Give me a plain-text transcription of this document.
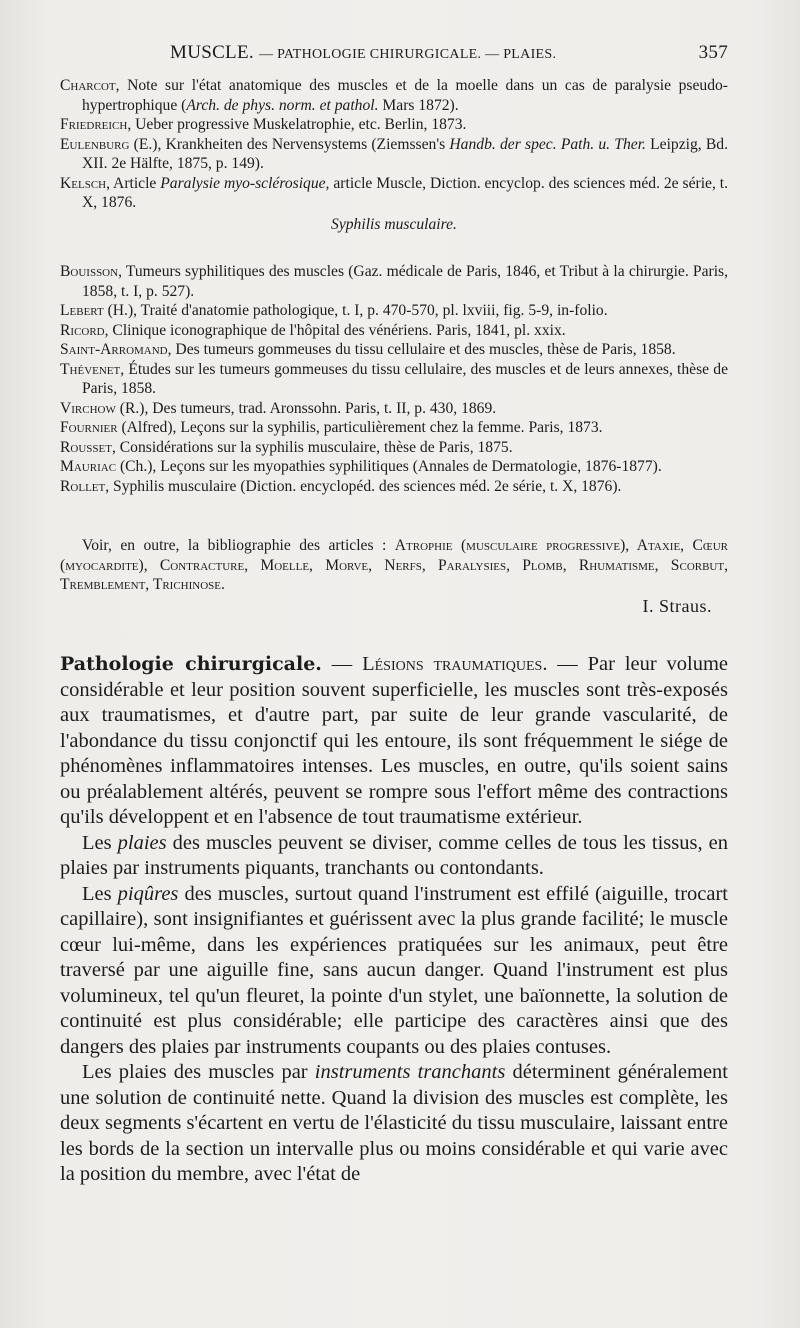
MUSCLE. — PATHOLOGIE CHIRURGICALE. — PLAIES.	357
Charcot, Note sur l'état anatomique des muscles et de la moelle dans un cas de paralysie pseudo-hypertrophique (Arch. de phys. norm. et pathol. Mars 1872).
Friedreich, Ueber progressive Muskelatrophie, etc. Berlin, 1873.
Eulenburg (E.), Krankheiten des Nervensystems (Ziemssen's Handb. der spec. Path. u. Ther. Leipzig, Bd. XII. 2e Hälfte, 1875, p. 149).
Kelsch, Article Paralysie myo-sclérosique, article Muscle, Diction. encyclop. des sciences méd. 2e série, t. X, 1876.
Syphilis musculaire.
Bouisson, Tumeurs syphilitiques des muscles (Gaz. médicale de Paris, 1846, et Tribut à la chirurgie. Paris, 1858, t. I, p. 527).
Lebert (H.), Traité d'anatomie pathologique, t. I, p. 470-570, pl. lxviii, fig. 5-9, in-folio.
Ricord, Clinique iconographique de l'hôpital des vénériens. Paris, 1841, pl. xxix.
Saint-Arromand, Des tumeurs gommeuses du tissu cellulaire et des muscles, thèse de Paris, 1858.
Thévenet, Études sur les tumeurs gommeuses du tissu cellulaire, des muscles et de leurs annexes, thèse de Paris, 1858.
Virchow (R.), Des tumeurs, trad. Aronssohn. Paris, t. II, p. 430, 1869.
Fournier (Alfred), Leçons sur la syphilis, particulièrement chez la femme. Paris, 1873.
Rousset, Considérations sur la syphilis musculaire, thèse de Paris, 1875.
Mauriac (Ch.), Leçons sur les myopathies syphilitiques (Annales de Dermatologie, 1876-1877).
Rollet, Syphilis musculaire (Diction. encyclopéd. des sciences méd. 2e série, t. X, 1876).
Voir, en outre, la bibliographie des articles : Atrophie (musculaire progressive), Ataxie, Cœur (myocardite), Contracture, Moelle, Morve, Nerfs, Paralysies, Plomb, Rhumatisme, Scorbut, Tremblement, Trichinose.
I. Straus.

Pathologie chirurgicale. — Lésions traumatiques. — Par leur volume considérable et leur position souvent superficielle, les muscles sont très-exposés aux traumatismes, et d'autre part, par suite de leur grande vascularité, de l'abondance du tissu conjonctif qui les entoure, ils sont fréquemment le siége de phénomènes inflammatoires intenses. Les muscles, en outre, qu'ils soient sains ou préalablement altérés, peuvent se rompre sous l'effort même des contractions qu'ils développent et en l'absence de tout traumatisme extérieur.

Les plaies des muscles peuvent se diviser, comme celles de tous les tissus, en plaies par instruments piquants, tranchants ou contondants.

Les piqûres des muscles, surtout quand l'instrument est effilé (aiguille, trocart capillaire), sont insignifiantes et guérissent avec la plus grande facilité; le muscle cœur lui-même, dans les expériences pratiquées sur les animaux, peut être traversé par une aiguille fine, sans aucun danger. Quand l'instrument est plus volumineux, tel qu'un fleuret, la pointe d'un stylet, une baïonnette, la solution de continuité est plus considérable; elle participe des caractères ainsi que des dangers des plaies par instruments coupants ou des plaies contuses.

Les plaies des muscles par instruments tranchants déterminent généralement une solution de continuité nette. Quand la division des muscles est complète, les deux segments s'écartent en vertu de l'élasticité du tissu musculaire, laissant entre les bords de la section un intervalle plus ou moins considérable et qui varie avec la position du membre, avec l'état de
